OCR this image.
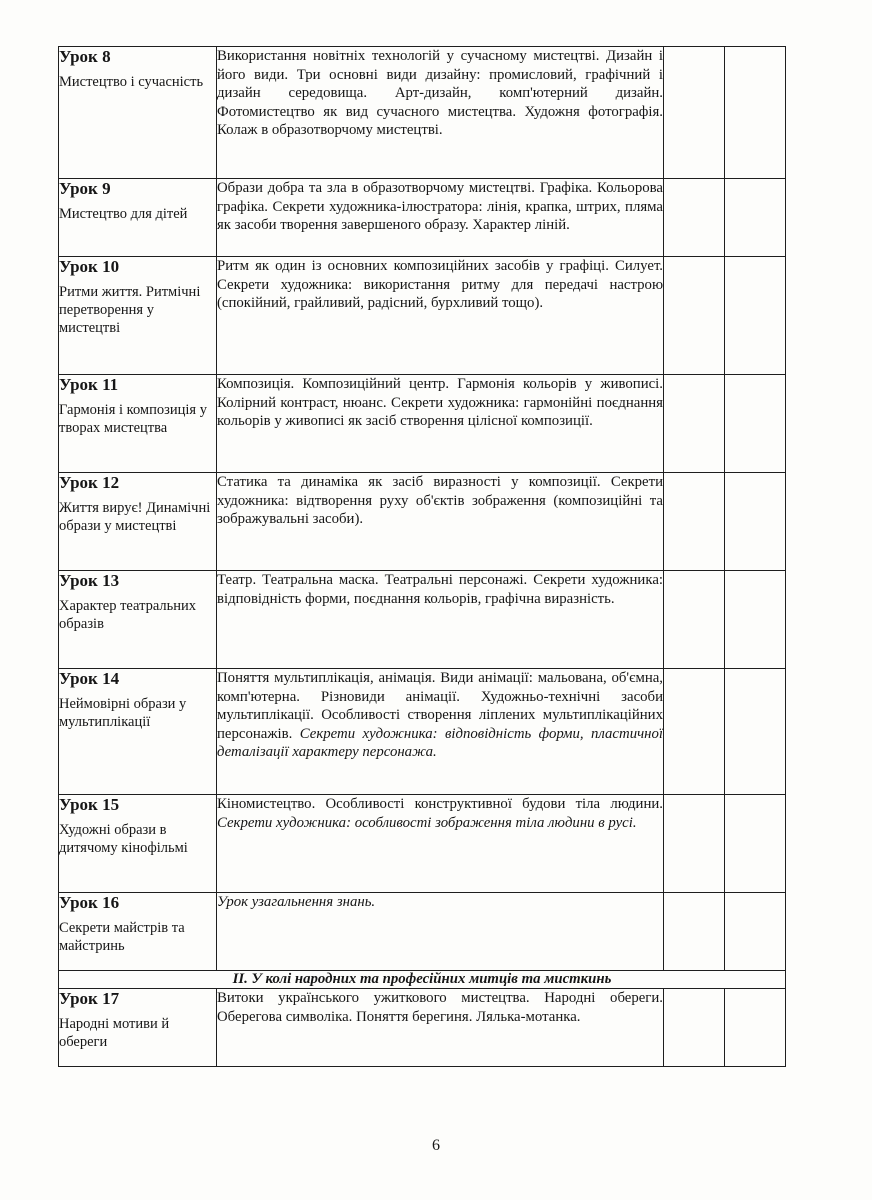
Урок 8
Мистецтво і сучасність	Використання новітніх технологій у сучасному мистецтві. Дизайн і його види. Три основні види дизайну: промисловий, графічний і дизайн середовища. Арт-дизайн, комп'ютерний дизайн. Фотомистецтво як вид сучасного мистецтва. Художня фотографія. Колаж в образотворчому мистецтві.		

Урок 9
Мистецтво для дітей	Образи добра та зла в образотворчому мистецтві. Графіка. Кольорова графіка. Секрети художника-ілюстратора: лінія, крапка, штрих, пляма як засоби творення завершеного образу. Характер ліній.		

Урок 10
Ритми життя. Ритмічні перетворення у мистецтві	Ритм як один із основних композиційних засобів у графіці. Силует. Секрети художника: використання ритму для передачі настрою (спокійний, грайливий, радісний, бурхливий тощо).		

Урок 11
Гармонія і композиція у творах мистецтва	Композиція. Композиційний центр. Гармонія кольорів у живописі. Колірний контраст, нюанс. Секрети художника: гармонійні поєднання кольорів у живописі як засіб створення цілісної композиції.		

Урок 12
Життя вирує! Динамічні образи у мистецтві	Статика та динаміка як засіб виразності у композиції. Секрети художника: відтворення руху об'єктів зображення (композиційні та зображувальні засоби).		

Урок 13
Характер театральних образів	Театр. Театральна маска. Театральні персонажі. Секрети художника: відповідність форми, поєднання кольорів, графічна виразність.		

Урок 14
Неймовірні образи у мультиплікації	Поняття мультиплікація, анімація. Види анімації: мальована, об'ємна, комп'ютерна. Різновиди анімації. Художньо-технічні засоби мультиплікації. Особливості створення ліплених мультиплікаційних персонажів. Секрети художника: відповідність форми, пластичної деталізації характеру персонажа.		

Урок 15
Художні образи в дитячому кінофільмі	Кіномистецтво. Особливості конструктивної будови тіла людини. Секрети художника: особливості зображення тіла людини в русі.		

Урок 16
Секрети майстрів та майстринь	Урок узагальнення знань.		
ІІ. У колі народних та професійних митців та мисткинь			

Урок 17
Народні мотиви й обереги	Витоки українського ужиткового мистецтва. Народні обереги. Оберегова символіка. Поняття берегиня. Лялька-мотанка.		
6
